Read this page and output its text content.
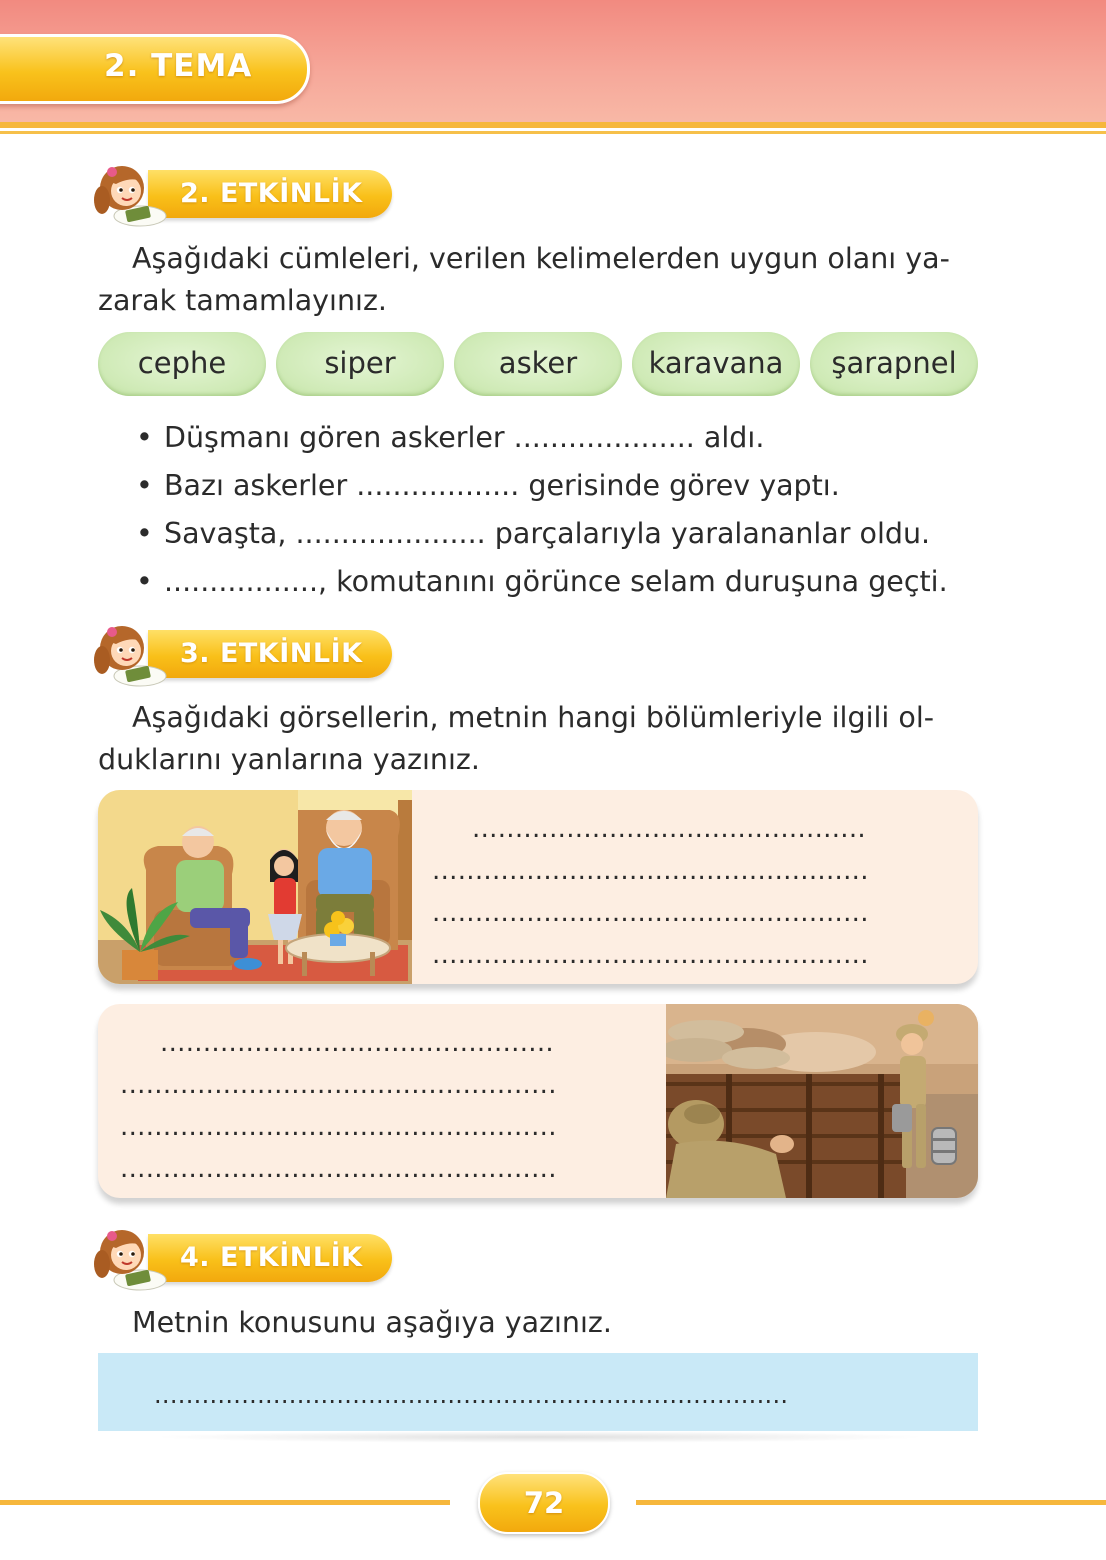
2. TEMA
2. ETKİNLİK
Aşağıdaki cümleleri, verilen kelimelerden uygun olanı ya-
zarak tamamlayınız.
cephe	siper	asker	karavana	şarapnel
• Düşmanı gören askerler .................... aldı.
• Bazı askerler .................. gerisinde görev yaptı.
• Savaşta, ..................... parçalarıyla yaralananlar oldu.
• ................., komutanını görünce selam duruşuna geçti.
3. ETKİNLİK
Aşağıdaki görsellerin, metnin hangi bölümleriyle ilgili ol-
duklarını yanlarına yazınız.
..............................................
...................................................
...................................................
...................................................
..............................................
...................................................
...................................................
...................................................
4. ETKİNLİK
Metnin konusunu aşağıya yazınız.
................................................................................
72
